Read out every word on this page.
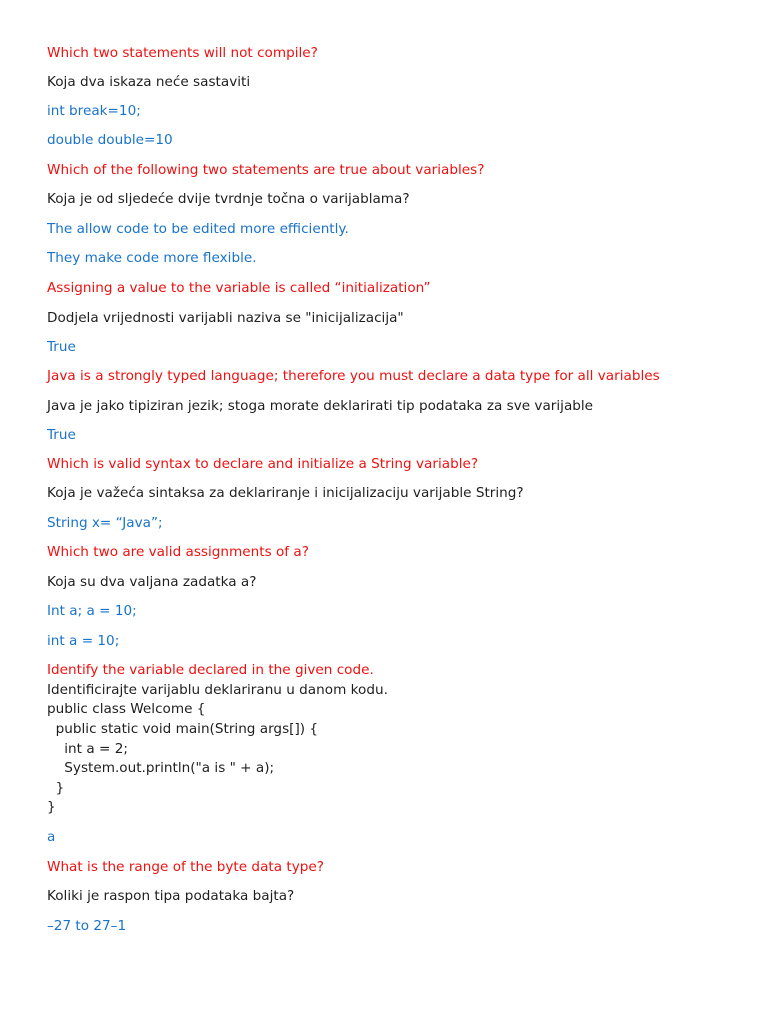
Which two statements will not compile?
Koja dva iskaza neće sastaviti
int break=10;
double double=10
Which of the following two statements are true about variables?
Koja je od sljedeće dvije tvrdnje točna o varijablama?
The allow code to be edited more efficiently.
They make code more flexible.
Assigning a value to the variable is called “initialization”
Dodjela vrijednosti varijabli naziva se "inicijalizacija"
True
Java is a strongly typed language; therefore you must declare a data type for all variables
Java je jako tipiziran jezik; stoga morate deklarirati tip podataka za sve varijable
True
Which is valid syntax to declare and initialize a String variable?
Koja je važeća sintaksa za deklariranje i inicijalizaciju varijable String?
String x= “Java”;
Which two are valid assignments of a?
Koja su dva valjana zadatka a?
Int a; a = 10;
int a = 10;
Identify the variable declared in the given code.
Identificirajte varijablu deklariranu u danom kodu.
public class Welcome {
public static void main(String args[]) {
int a = 2;
System.out.println("a is " + a);
}
}
a
What is the range of the byte data type?
Koliki je raspon tipa podataka bajta?
–27 to 27–1
